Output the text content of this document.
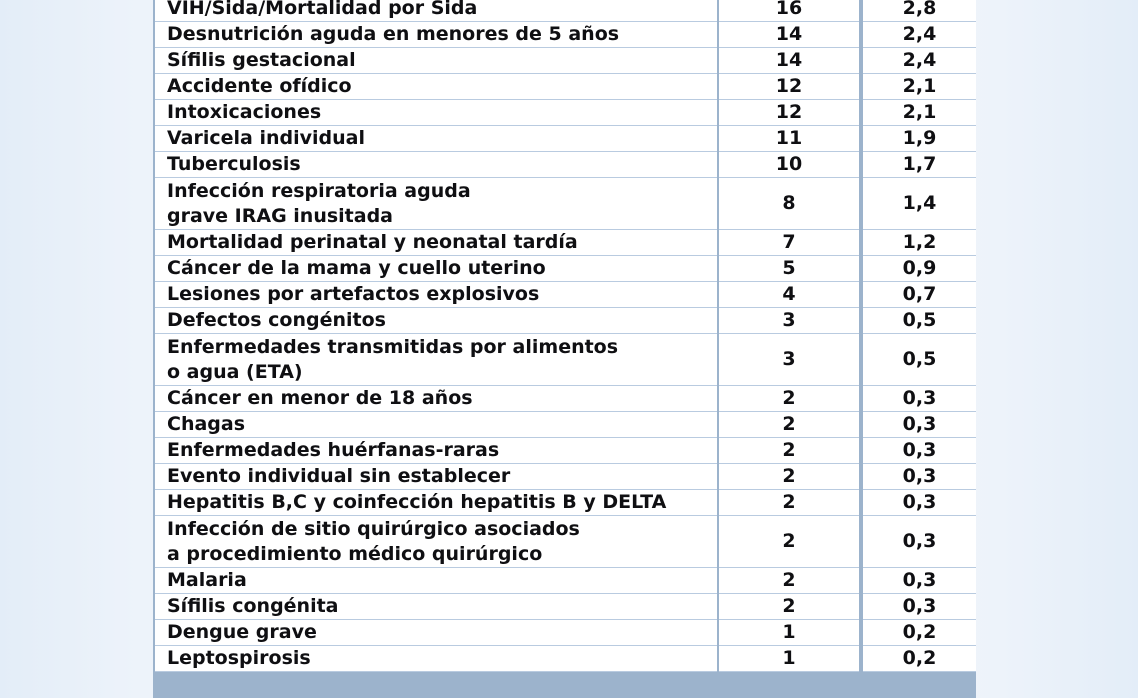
VIH/Sida/Mortalidad por Sida	16	2,8

Desnutrición aguda en menores de 5 años	14	2,4

Sífilis gestacional	14	2,4

Accidente ofídico	12	2,1

Intoxicaciones	12	2,1

Varicela individual	11	1,9

Tuberculosis	10	1,7

Infección respiratoria aguda
grave IRAG inusitada	8	1,4

Mortalidad perinatal y neonatal tardía	7	1,2

Cáncer de la mama y cuello uterino	5	0,9

Lesiones por artefactos explosivos	4	0,7

Defectos congénitos	3	0,5

Enfermedades transmitidas por alimentos
o agua (ETA)	3	0,5

Cáncer en menor de 18 años	2	0,3

Chagas	2	0,3

Enfermedades huérfanas-raras	2	0,3

Evento individual sin establecer	2	0,3

Hepatitis B,C y coinfección hepatitis B y DELTA	2	0,3

Infección de sitio quirúrgico asociados
a procedimiento médico quirúrgico	2	0,3

Malaria	2	0,3

Sífilis congénita	2	0,3

Dengue grave	1	0,2

Leptospirosis	1	0,2
